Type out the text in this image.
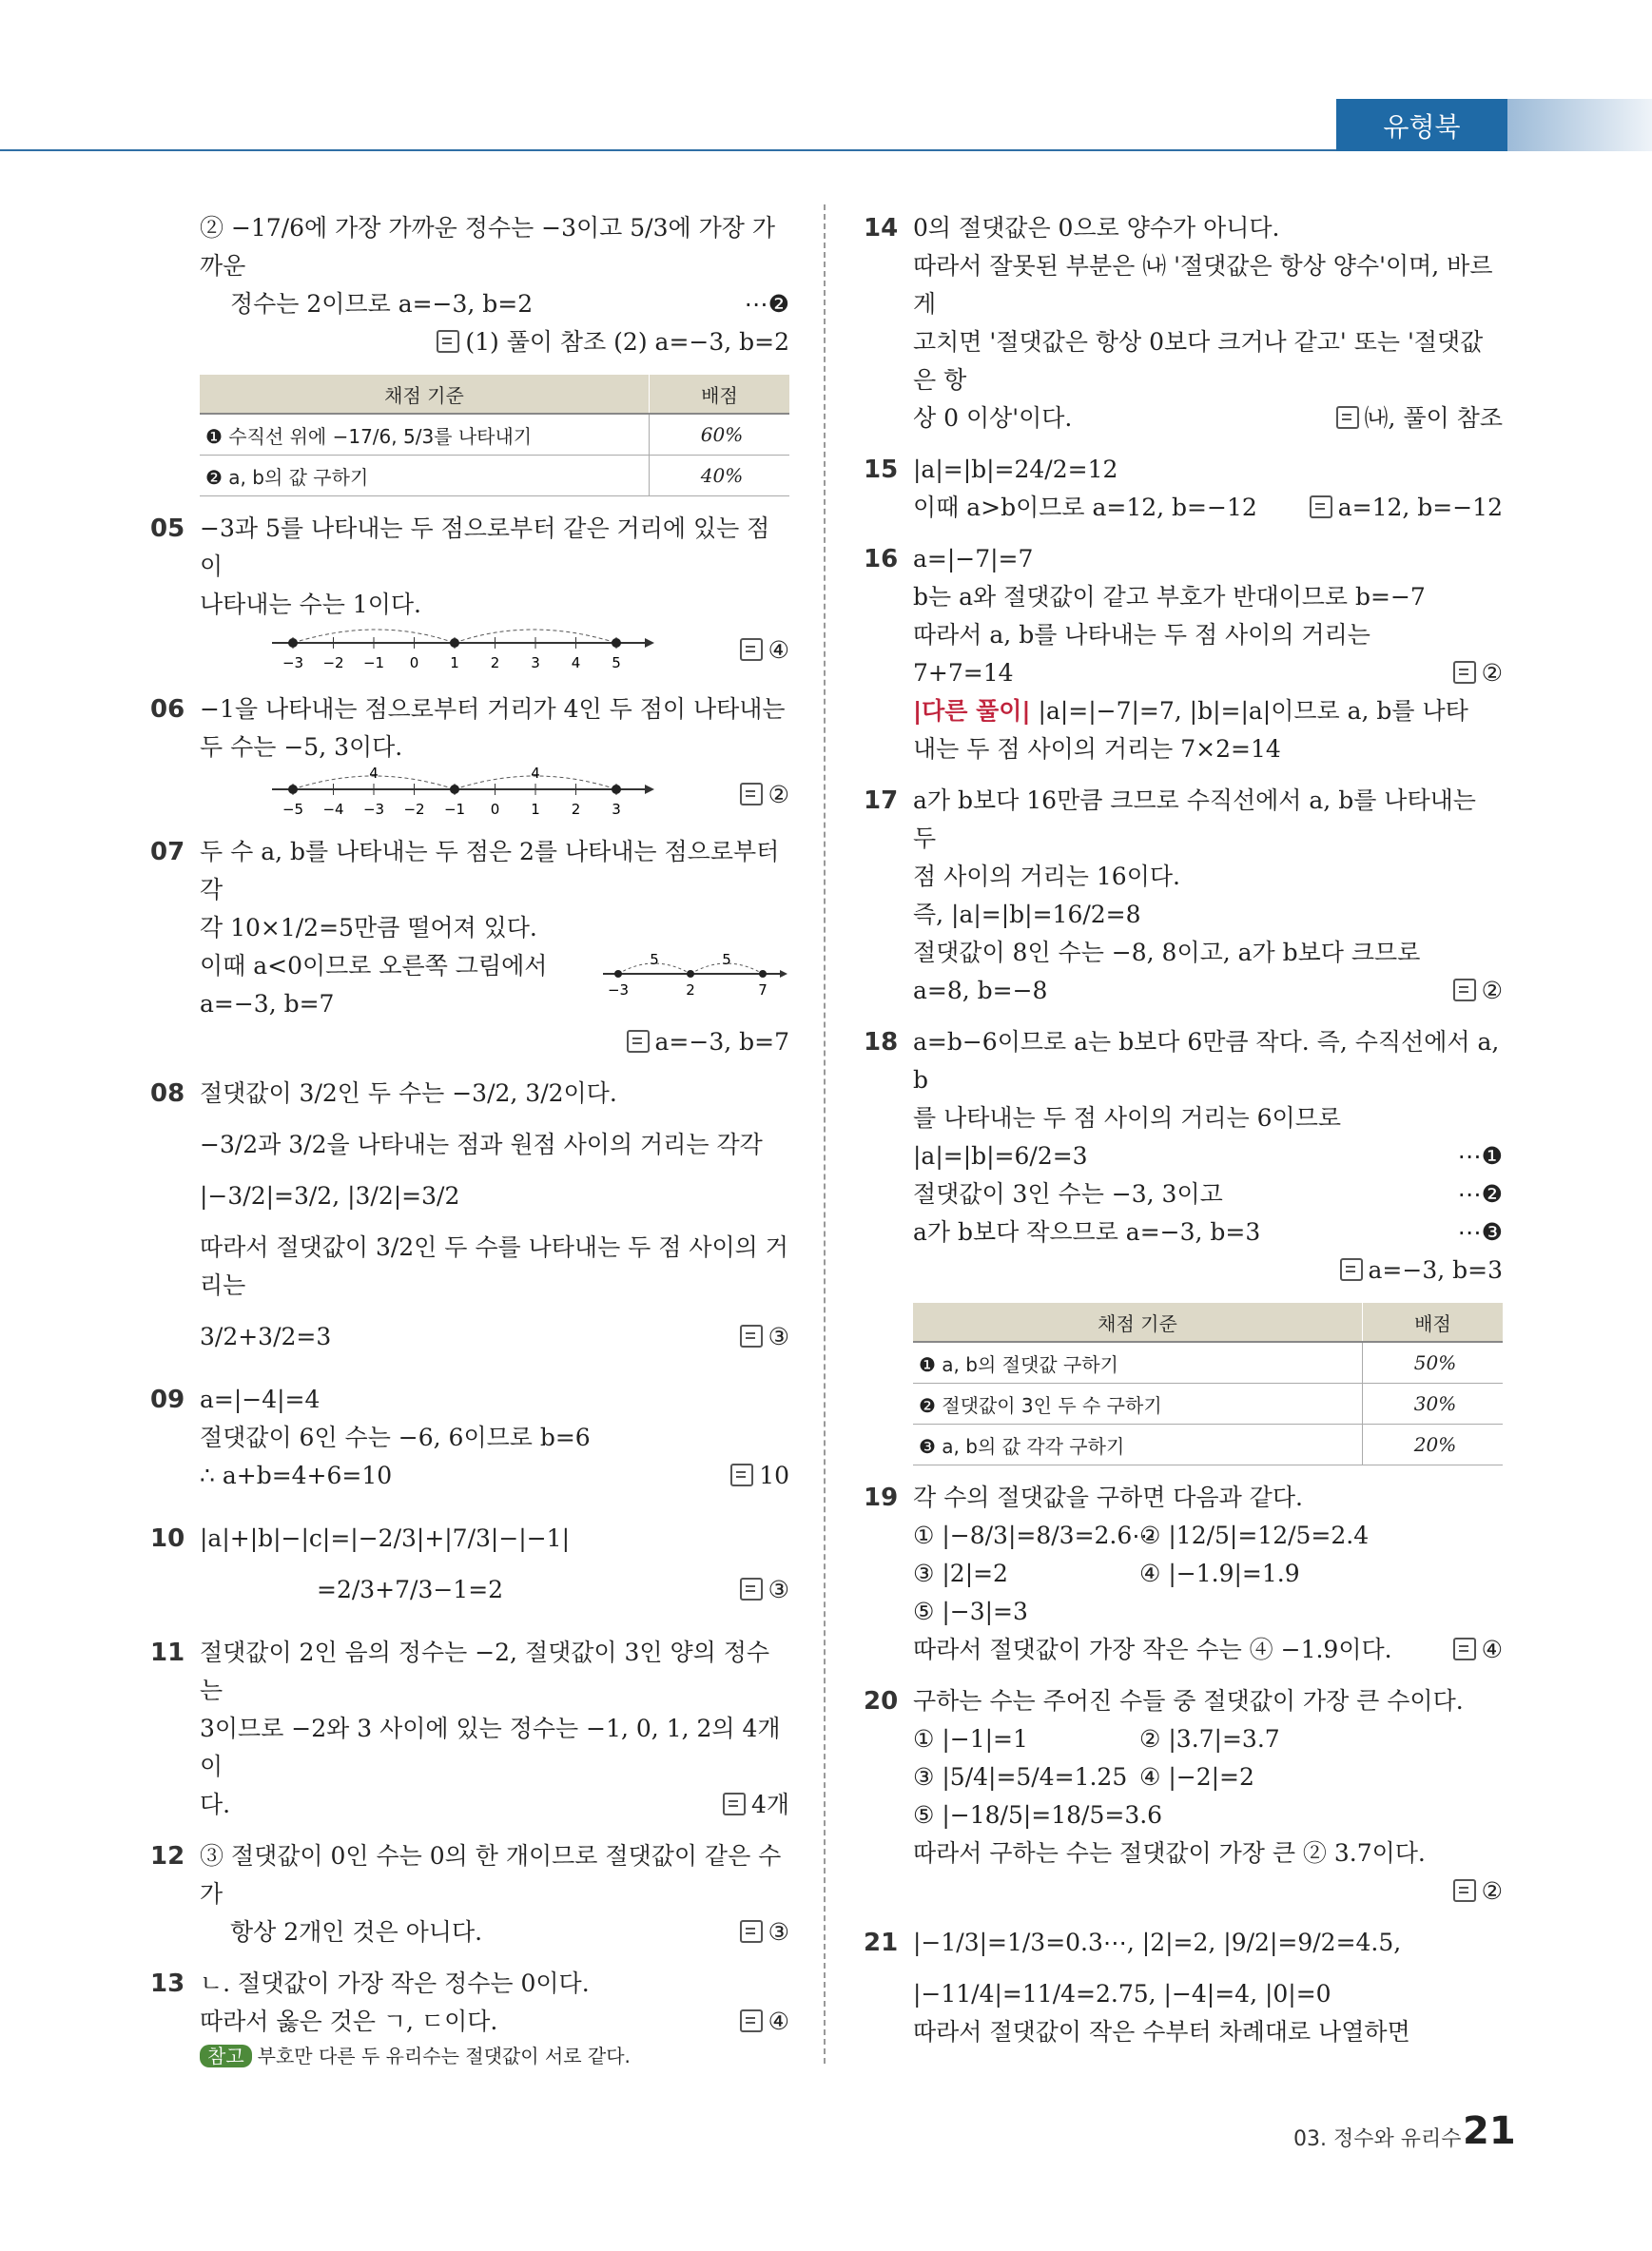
유형북
② −17/6에 가장 가까운 정수는 −3이고 5/3에 가장 가까운
정수는 2이므로 a=−3, b=2	⋯❷
(1) 풀이 참조 (2) a=−3, b=2
채점 기준	배점
❶ 수직선 위에 −17/6, 5/3를 나타내기	60%
❷ a, b의 값 구하기	40%
05 −3과 5를 나타내는 두 점으로부터 같은 거리에 있는 점이
나타내는 수는 1이다.
−3 −2 −1 0 1 2 3 4 5	④
06 −1을 나타내는 점으로부터 거리가 4인 두 점이 나타내는
두 수는 −5, 3이다.
−5 −4 −3 −2 −1 0 1 2 3
4	4
②
07 두 수 a, b를 나타내는 두 점은 2를 나타내는 점으로부터 각
각 10×1/2=5만큼 떨어져 있다.
이때 a<0이므로 오른쪽 그림에서	5	5
−3	2	7
a=−3, b=7
a=−3, b=7
08 절댓값이 3/2인 두 수는 −3/2, 3/2이다.
−3/2과 3/2을 나타내는 점과 원점 사이의 거리는 각각
|−3/2|=3/2, |3/2|=3/2
따라서 절댓값이 3/2인 두 수를 나타내는 두 점 사이의 거리는
3/2+3/2=3	③
09 a=|−4|=4
절댓값이 6인 수는 −6, 6이므로 b=6
∴ a+b=4+6=10	10
10 |a|+|b|−|c|=|−2/3|+|7/3|−|−1|
=2/3+7/3−1=2	③
11 절댓값이 2인 음의 정수는 −2, 절댓값이 3인 양의 정수는
3이므로 −2와 3 사이에 있는 정수는 −1, 0, 1, 2의 4개이
다.	4개
12 ③ 절댓값이 0인 수는 0의 한 개이므로 절댓값이 같은 수가
항상 2개인 것은 아니다.	③
13 ㄴ. 절댓값이 가장 작은 정수는 0이다.
따라서 옳은 것은 ㄱ, ㄷ이다.	④
참고 부호만 다른 두 유리수는 절댓값이 서로 같다.
14 0의 절댓값은 0으로 양수가 아니다.
따라서 잘못된 부분은 ㈏ '절댓값은 항상 양수'이며, 바르게
고치면 '절댓값은 항상 0보다 크거나 같고' 또는 '절댓값은 항
상 0 이상'이다.	㈏, 풀이 참조
15 |a|=|b|=24/2=12
이때 a>b이므로 a=12, b=−12	a=12, b=−12
16 a=|−7|=7
b는 a와 절댓값이 같고 부호가 반대이므로 b=−7
따라서 a, b를 나타내는 두 점 사이의 거리는
7+7=14	②
|다른 풀이| |a|=|−7|=7, |b|=|a|이므로 a, b를 나타
내는 두 점 사이의 거리는 7×2=14
17 a가 b보다 16만큼 크므로 수직선에서 a, b를 나타내는 두
점 사이의 거리는 16이다.
즉, |a|=|b|=16/2=8
절댓값이 8인 수는 −8, 8이고, a가 b보다 크므로
a=8, b=−8	②
18 a=b−6이므로 a는 b보다 6만큼 작다. 즉, 수직선에서 a, b
를 나타내는 두 점 사이의 거리는 6이므로
|a|=|b|=6/2=3	⋯❶
절댓값이 3인 수는 −3, 3이고	⋯❷
a가 b보다 작으므로 a=−3, b=3	⋯❸
a=−3, b=3
채점 기준	배점
❶ a, b의 절댓값 구하기	50%
❷ 절댓값이 3인 두 수 구하기	30%
❸ a, b의 값 각각 구하기	20%
19 각 수의 절댓값을 구하면 다음과 같다.
① |−8/3|=8/3=2.6⋯
② |12/5|=12/5=2.4
③ |2|=2	④ |−1.9|=1.9
⑤ |−3|=3
따라서 절댓값이 가장 작은 수는 ④ −1.9이다.	④
20 구하는 수는 주어진 수들 중 절댓값이 가장 큰 수이다.
① |−1|=1	② |3.7|=3.7
③ |5/4|=5/4=1.25 ④ |−2|=2
⑤ |−18/5|=18/5=3.6
따라서 구하는 수는 절댓값이 가장 큰 ② 3.7이다.
②
21 |−1/3|=1/3=0.3⋯, |2|=2, |9/2|=9/2=4.5,
|−11/4|=11/4=2.75, |−4|=4, |0|=0
따라서 절댓값이 작은 수부터 차례대로 나열하면
03. 정수와 유리수 21
